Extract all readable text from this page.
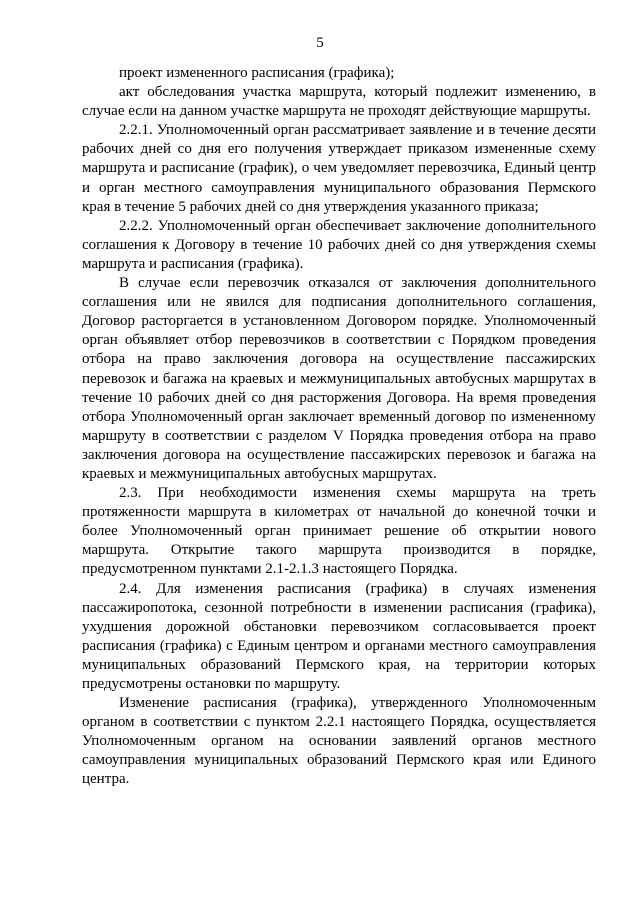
5

проект измененного расписания (графика);

акт обследования участка маршрута, который подлежит изменению, в случае если на данном участке маршрута не проходят действующие маршруты.

2.2.1. Уполномоченный орган рассматривает заявление и в течение десяти рабочих дней со дня его получения утверждает приказом измененные схему маршрута и расписание (график), о чем уведомляет перевозчика, Единый центр и орган местного самоуправления муниципального образования Пермского края в течение 5 рабочих дней со дня утверждения указанного приказа;

2.2.2. Уполномоченный орган обеспечивает заключение дополнительного соглашения к Договору в течение 10 рабочих дней со дня утверждения схемы маршрута и расписания (графика).

В случае если перевозчик отказался от заключения дополнительного соглашения или не явился для подписания дополнительного соглашения, Договор расторгается в установленном Договором порядке. Уполномоченный орган объявляет отбор перевозчиков в соответствии с Порядком проведения отбора на право заключения договора на осуществление пассажирских перевозок и багажа на краевых и межмуниципальных автобусных маршрутах в течение 10 рабочих дней со дня расторжения Договора. На время проведения отбора Уполномоченный орган заключает временный договор по измененному маршруту в соответствии с разделом V Порядка проведения отбора на право заключения договора на осуществление пассажирских перевозок и багажа на краевых и межмуниципальных автобусных маршрутах.

2.3. При необходимости изменения схемы маршрута на треть протяженности маршрута в километрах от начальной до конечной точки и более Уполномоченный орган принимает решение об открытии нового маршрута. Открытие такого маршрута производится в порядке, предусмотренном пунктами 2.1-2.1.3 настоящего Порядка.

2.4. Для изменения расписания (графика) в случаях изменения пассажиропотока, сезонной потребности в изменении расписания (графика), ухудшения дорожной обстановки перевозчиком согласовывается проект расписания (графика) с Единым центром и органами местного самоуправления муниципальных образований Пермского края, на территории которых предусмотрены остановки по маршруту.

Изменение расписания (графика), утвержденного Уполномоченным органом в соответствии с пунктом 2.2.1 настоящего Порядка, осуществляется Уполномоченным органом на основании заявлений органов местного самоуправления муниципальных образований Пермского края или Единого центра.
